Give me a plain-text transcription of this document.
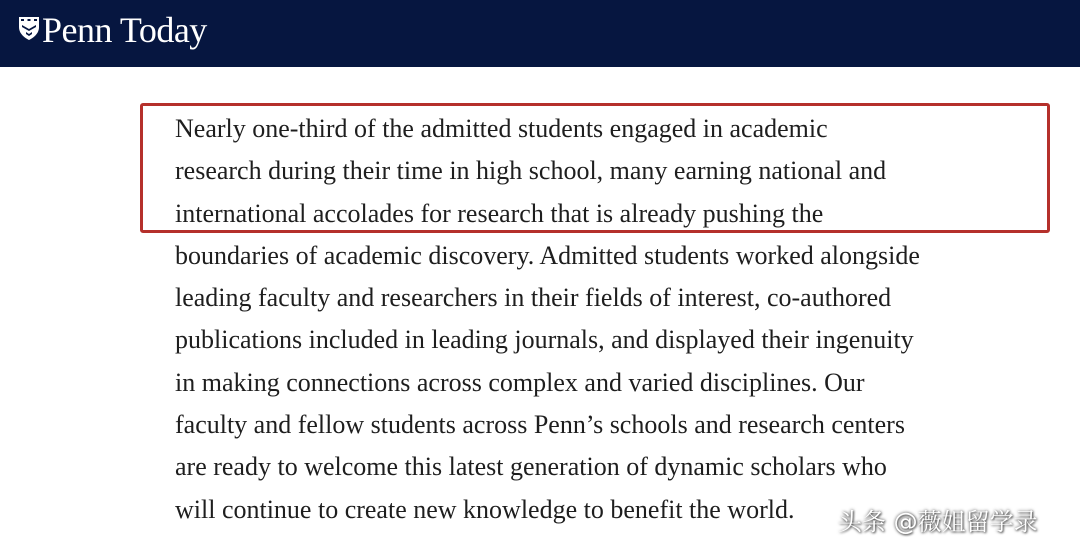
Penn Today
Nearly one-third of the admitted students engaged in academic
research during their time in high school, many earning national and
international accolades for research that is already pushing the
boundaries of academic discovery. Admitted students worked alongside
leading faculty and researchers in their fields of interest, co-authored
publications included in leading journals, and displayed their ingenuity
in making connections across complex and varied disciplines. Our
faculty and fellow students across Penn’s schools and research centers
are ready to welcome this latest generation of dynamic scholars who
will continue to create new knowledge to benefit the world.	头条 @薇姐留学录
